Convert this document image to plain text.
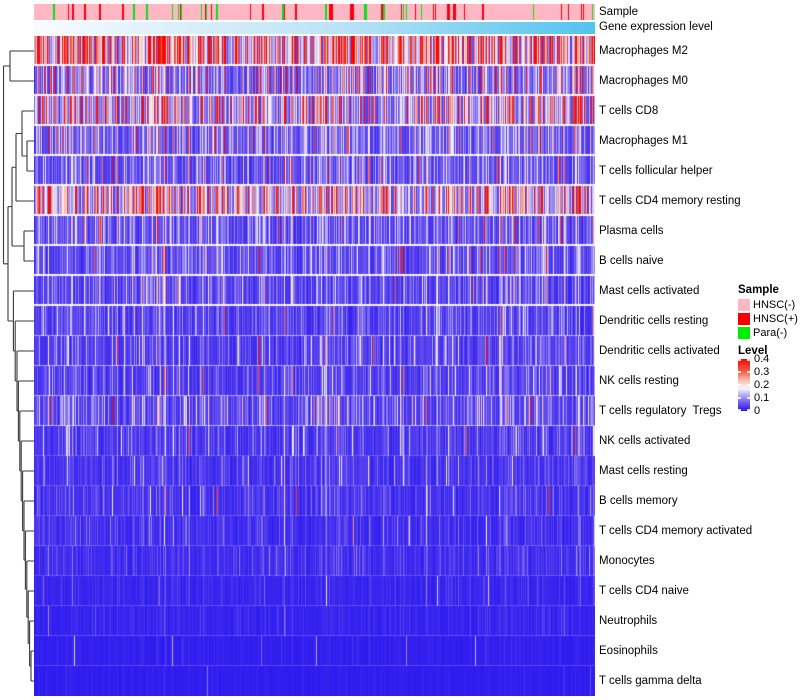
Sample
Gene expression level
Macrophages M2
Macrophages M0
T cells CD8
Macrophages M1
T cells follicular helper
T cells CD4 memory resting
Plasma cells
B cells naive
Mast cells activated
Dendritic cells resting
Dendritic cells activated
NK cells resting
T cells regulatory  Tregs
NK cells activated
Mast cells resting
B cells memory
T cells CD4 memory activated
Monocytes
T cells CD4 naive
Neutrophils
Eosinophils
T cells gamma delta
Sample
HNSC(-)
HNSC(+)
Para(-)
Level
0.4
0.3
0.2
0.1
0
